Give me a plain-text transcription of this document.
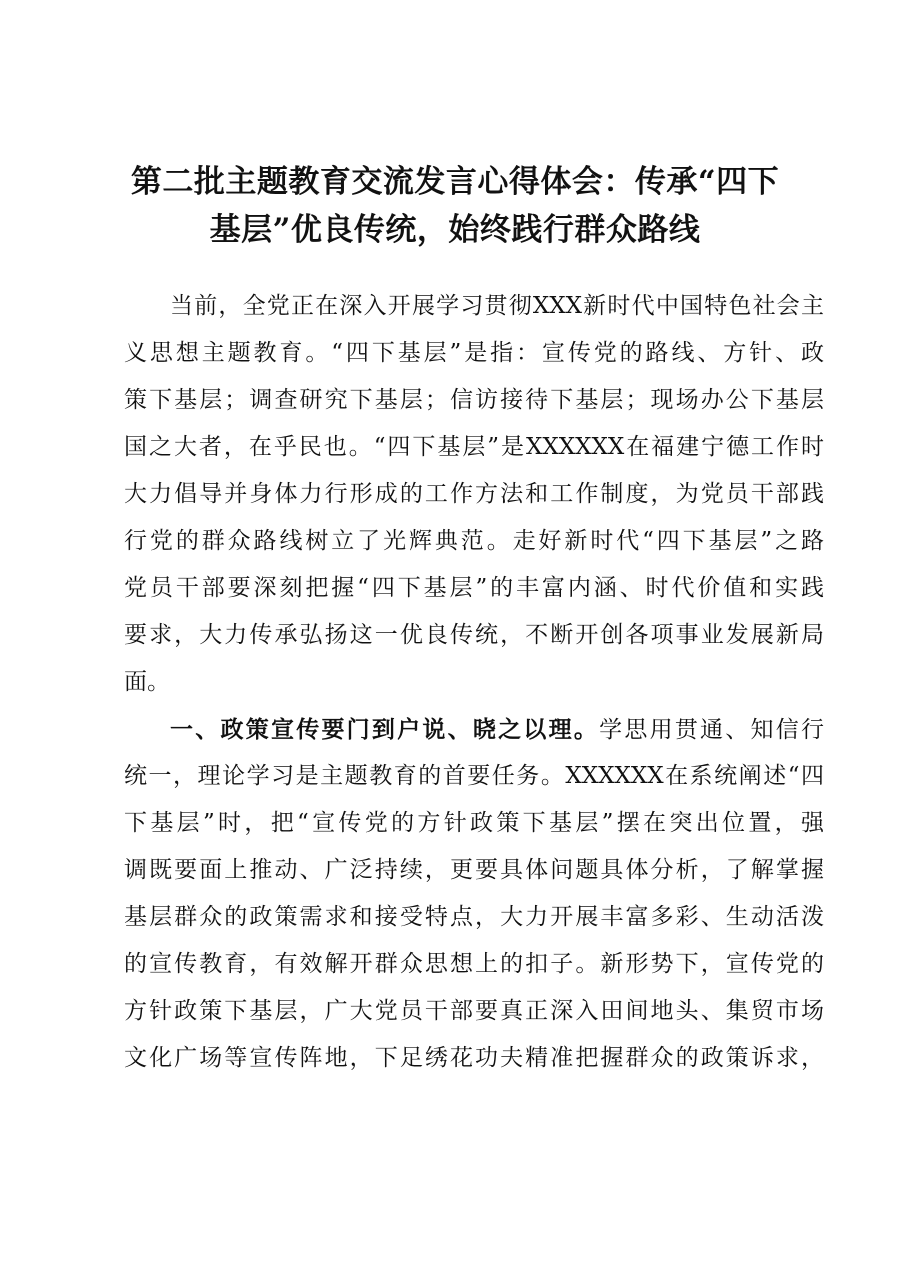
第二批主题教育交流发言心得体会：传承“四下
基层”优良传统，始终践行群众路线
当前，全党正在深入开展学习贯彻XXX新时代中国特色社会主
义思想主题教育。“四下基层”是指：宣传党的路线、方针、政
策下基层；调查研究下基层；信访接待下基层；现场办公下基层
国之大者，在乎民也。“四下基层”是XXXXXX在福建宁德工作时
大力倡导并身体力行形成的工作方法和工作制度，为党员干部践
行党的群众路线树立了光辉典范。走好新时代“四下基层”之路
党员干部要深刻把握“四下基层”的丰富内涵、时代价值和实践
要求，大力传承弘扬这一优良传统，不断开创各项事业发展新局
面。
一、政策宣传要门到户说、晓之以理。学思用贯通、知信行
统一，理论学习是主题教育的首要任务。XXXXXX在系统阐述“四
下基层”时，把“宣传党的方针政策下基层”摆在突出位置，强
调既要面上推动、广泛持续，更要具体问题具体分析，了解掌握
基层群众的政策需求和接受特点，大力开展丰富多彩、生动活泼
的宣传教育，有效解开群众思想上的扣子。新形势下，宣传党的
方针政策下基层，广大党员干部要真正深入田间地头、集贸市场
文化广场等宣传阵地，下足绣花功夫精准把握群众的政策诉求，
